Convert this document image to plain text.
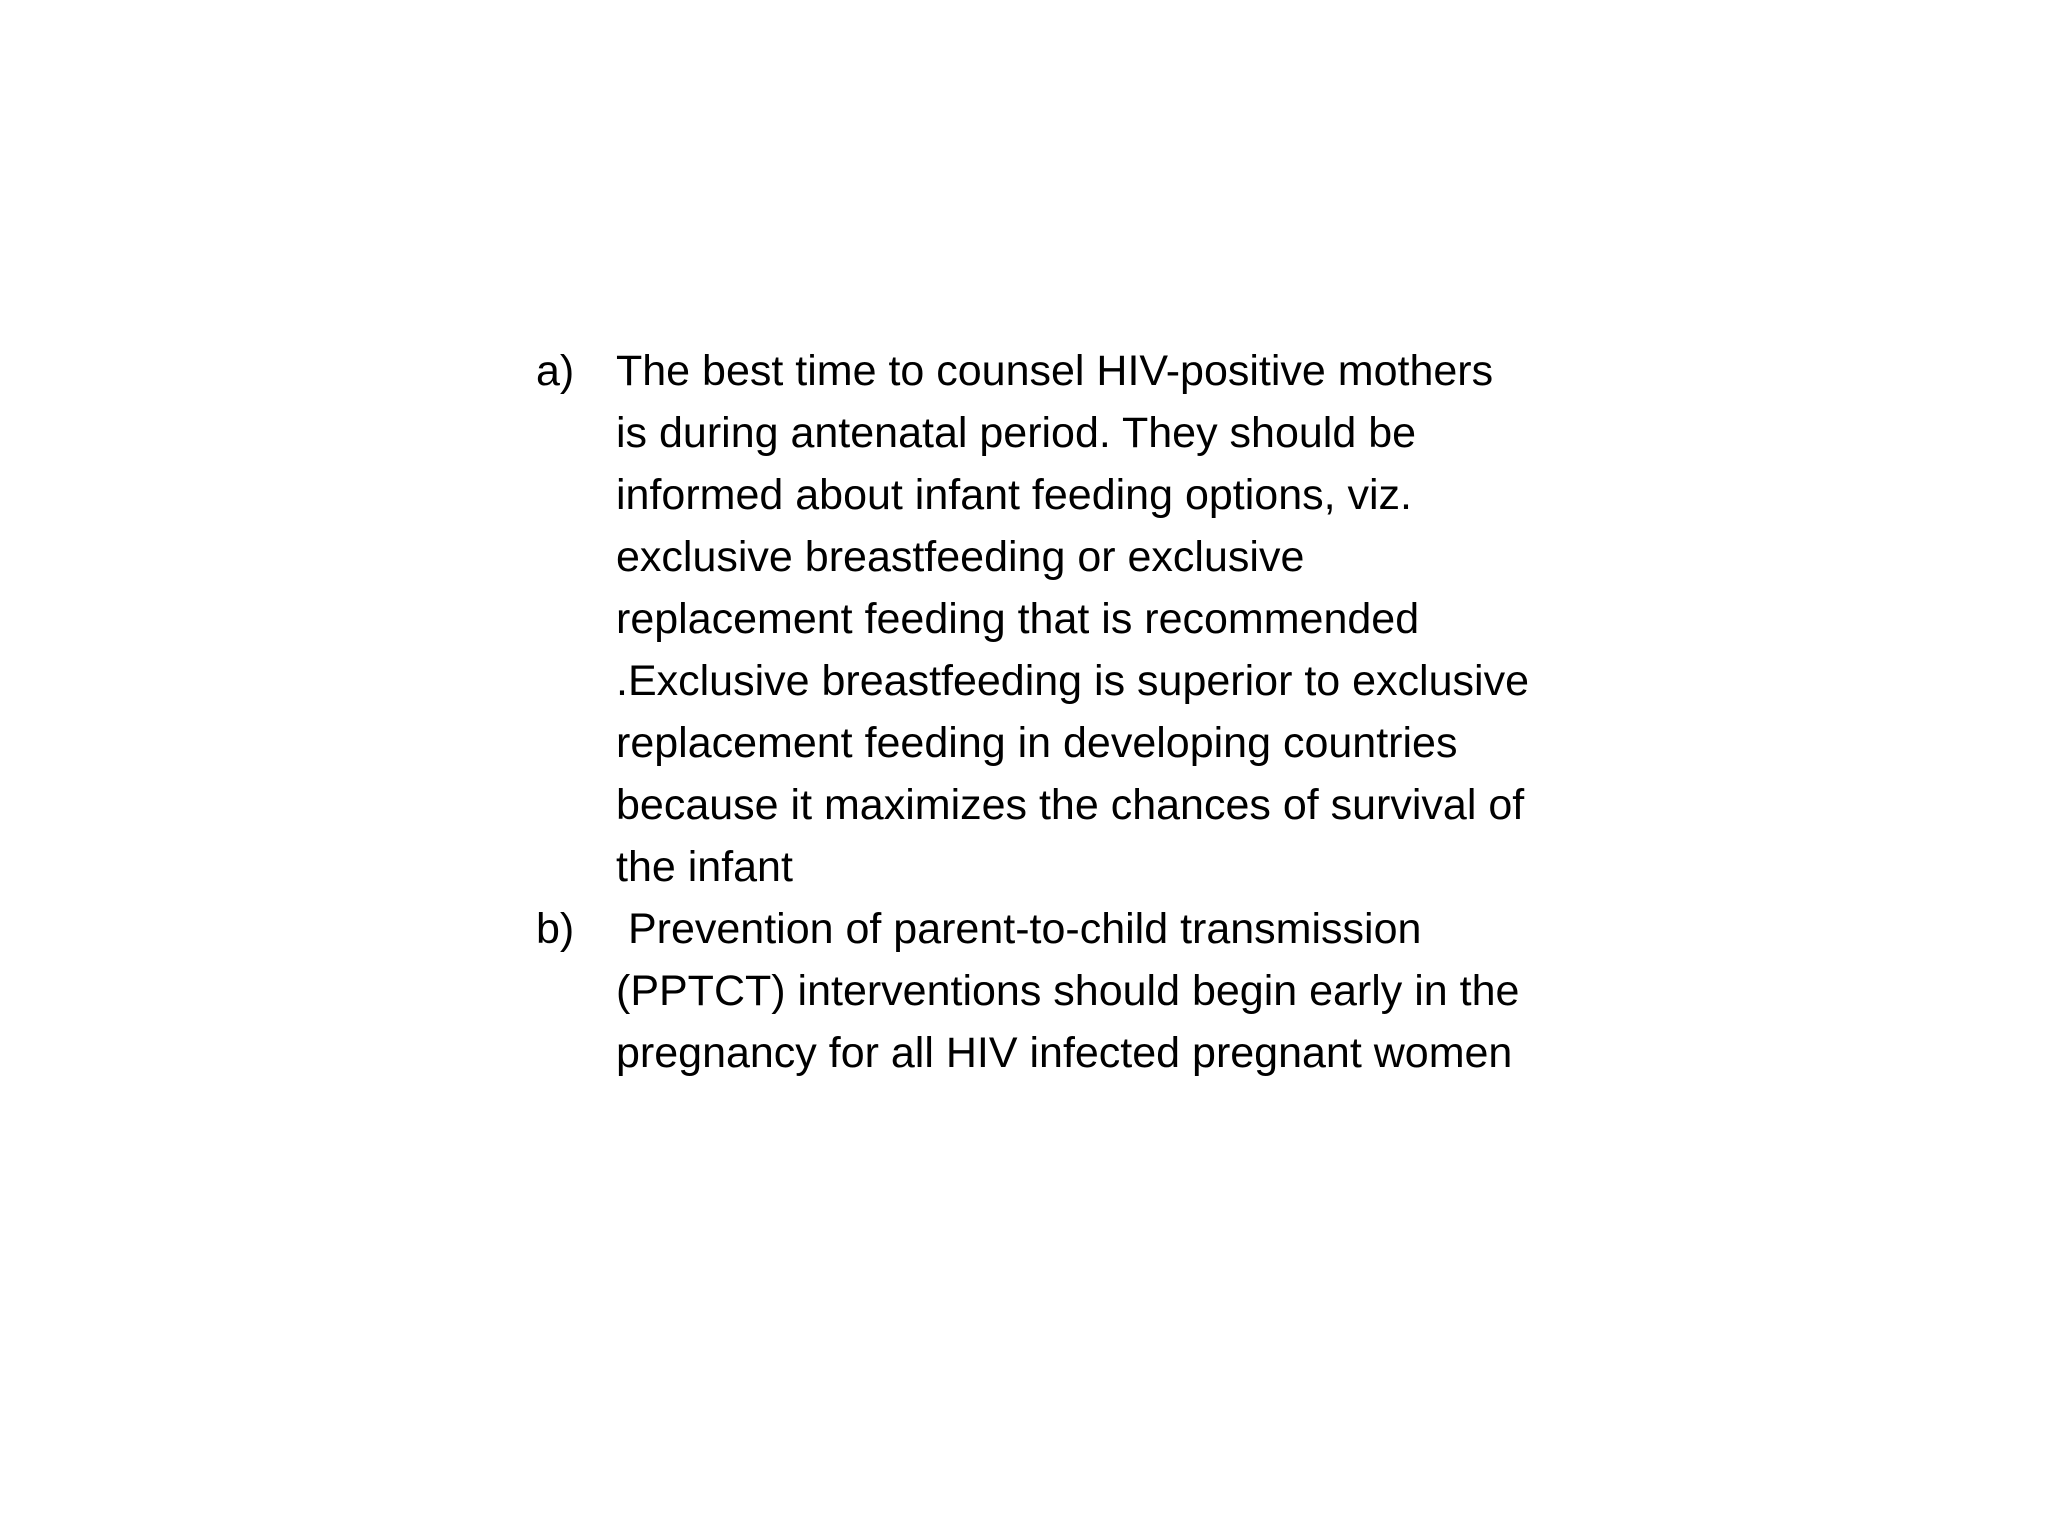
a) The best time to counsel HIV-positive mothers is during antenatal period. They should be informed about infant feeding options, viz. exclusive breastfeeding or exclusive replacement feeding that is recommended .Exclusive breastfeeding is superior to exclusive replacement feeding in developing countries because it maximizes the chances of survival of the infant
b) Prevention of parent-to-child transmission (PPTCT) interventions should begin early in the pregnancy for all HIV infected pregnant women
